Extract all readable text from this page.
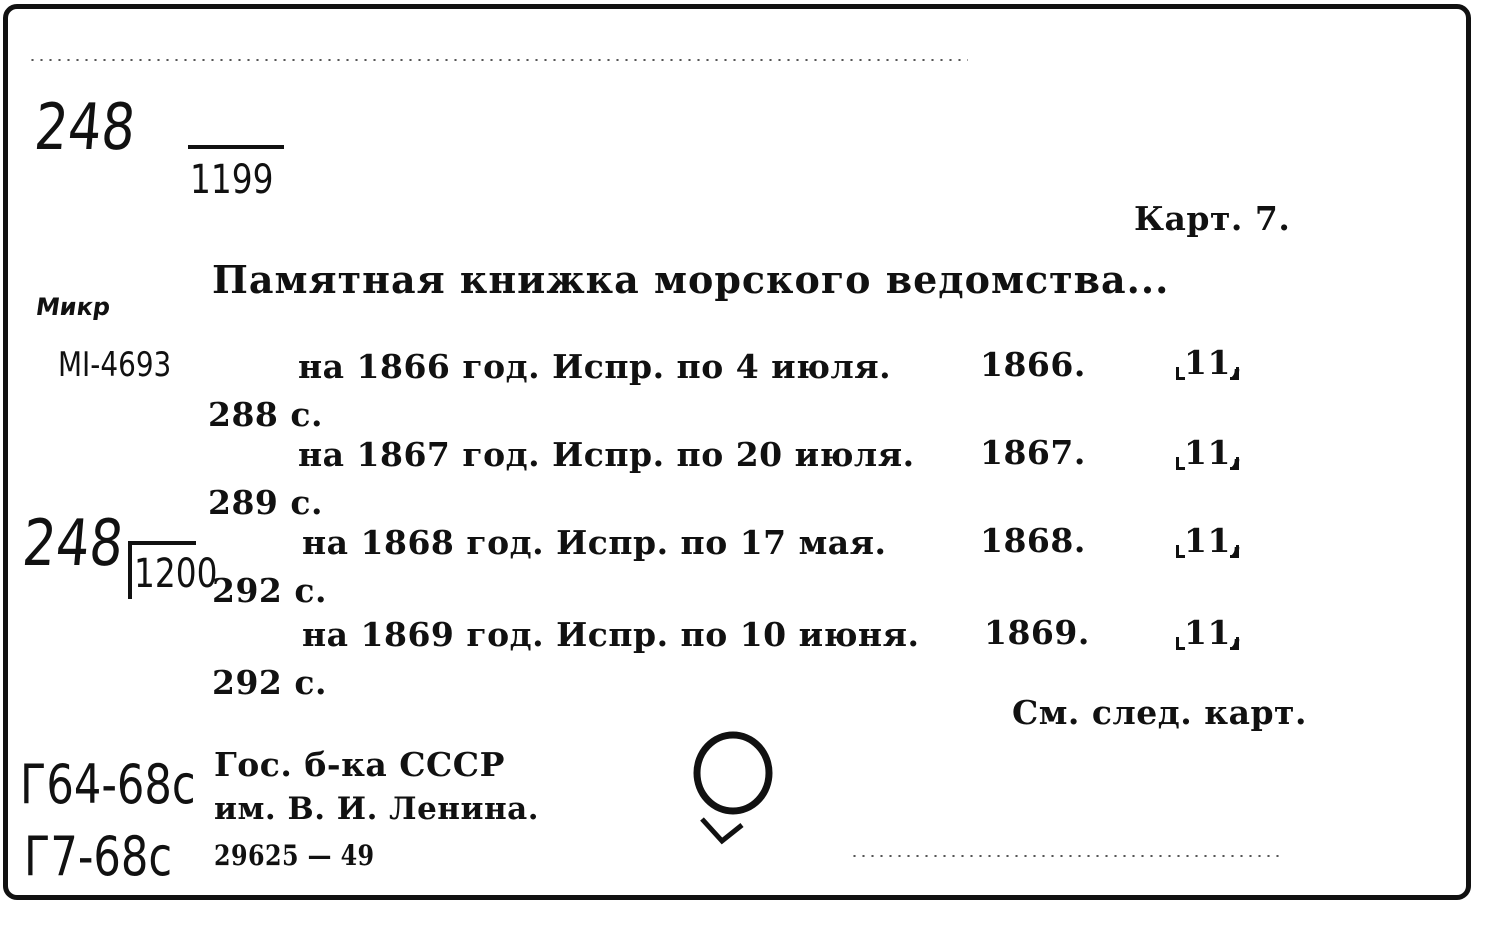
248
1199
Карт. 7.
Памятная книжка морского ведомства...
Микр
MI-4693	на 1866 год. Испр. по 4 июля.	1866.	11,
288 с.
на 1867 год. Испр. по 20 июля. 1867.	11,
289 с.
248 1200
на 1868 год. Испр. по 17 мая.	1868.	11,
292 с.
на 1869 год. Испр. по 10 июня. 1869.	11,
292 с.
См. след. карт.
Г64-68с
Г7-68с
Гос. б-ка СССР
им. В. И. Ленина.
29625 — 49
